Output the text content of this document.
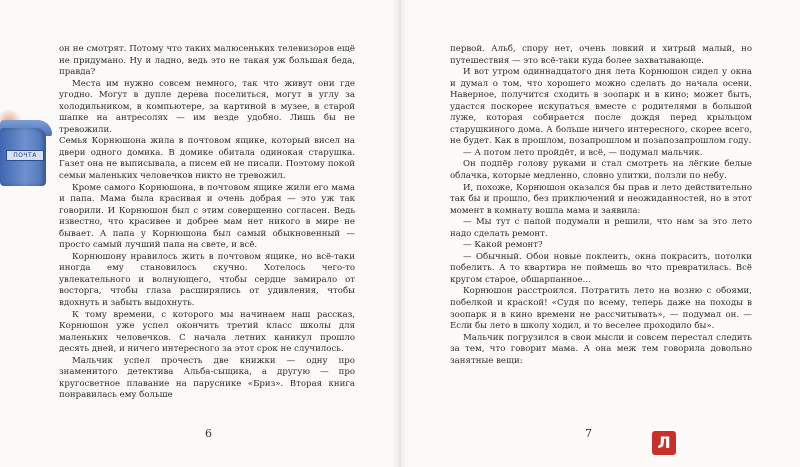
ПОЧТА

он не смотрят. Потому что таких малюсеньких телевизоров ещё не придумано. Ну и ладно, ведь это не такая уж большая беда, правда?

Места им нужно совсем немного, так что живут они где угодно. Могут в дупле дерева поселиться, могут в углу за холодильником, в компьютере, за картиной в музее, в старой шапке на антресолях — им везде удобно. Лишь бы не тревожили.

Семья Корнюшона жила в почтовом ящике, который висел на двери одного домика. В домике обитала одинокая старушка. Газет она не выписывала, а писем ей не писали. Поэтому покой семьи маленьких человечков никто не тревожил.

Кроме самого Корнюшона, в почтовом ящике жили его мама и папа. Мама была красивая и очень добрая — это уж так говорили. И Корнюшон был с этим совершенно согласен. Ведь известно, что красивее и добрее мам нет никого в мире не бывает. А папа у Корнюшона был самый обыкновенный — просто самый лучший папа на свете, и всё.

Корнюшону нравилось жить в почтовом ящике, но всё-таки иногда ему становилось скучно. Хотелось чего-то увлекательного и волнующего, чтобы сердце замирало от восторга, чтобы глаза расширялись от удивления, чтобы вдохнуть и забыть выдохнуть.

К тому времени, с которого мы начинаем наш рассказ, Корнюшон уже успел окончить третий класс школы для маленьких человечков. С начала летних каникул прошло десять дней, и ничего интересного за этот срок не случилось.

Мальчик успел прочесть две книжки — одну про знаменитого детектива Альба-сыщика, а другую — про кругосветное плавание на паруснике «Бриз». Вторая книга понравилась ему больше

первой. Альб, спору нет, очень ловкий и хитрый малый, но путешествия — это всё-таки куда более захватывающе.

И вот утром одиннадцатого дня лета Корнюшон сидел у окна и думал о том, что хорошего можно сделать до начала осени. Наверное, получится сходить в зоопарк и в кино; может быть, удастся поскорее искупаться вместе с родителями в большой луже, которая собирается после дождя перед крыльцом старушкиного дома. А больше ничего интересного, скорее всего, не будет. Как в прошлом, позапрошлом и позапозапрошлом году.

— А потом лето пройдёт, и всё, — подумал мальчик.

Он подпёр голову руками и стал смотреть на лёгкие белые облачка, которые медленно, словно улитки, ползли по небу.

И, похоже, Корнюшон оказался бы прав и лето действительно так бы и прошло, без приключений и неожиданностей, но в этот момент в комнату вошла мама и заявила:

— Мы тут с папой подумали и решили, что нам за это лето надо сделать ремонт.

— Какой ремонт?

— Обычный. Обои новые поклеить, окна покрасить, потолки побелить. А то квартира не поймешь во что превратилась. Всё кругом старое, обшарпанное…

Корнюшон расстроился. Потратить лето на возню с обоями, побелкой и краской! «Судя по всему, теперь даже на походы в зоопарк и в кино времени не рассчитывать», — подумал он. — Если бы лето в школу ходил, и то веселее проходило бы».

Мальчик погрузился в свои мысли и совсем перестал следить за тем, что говорит мама. А она меж тем говорила довольно занятные вещи:

6	7	Л
